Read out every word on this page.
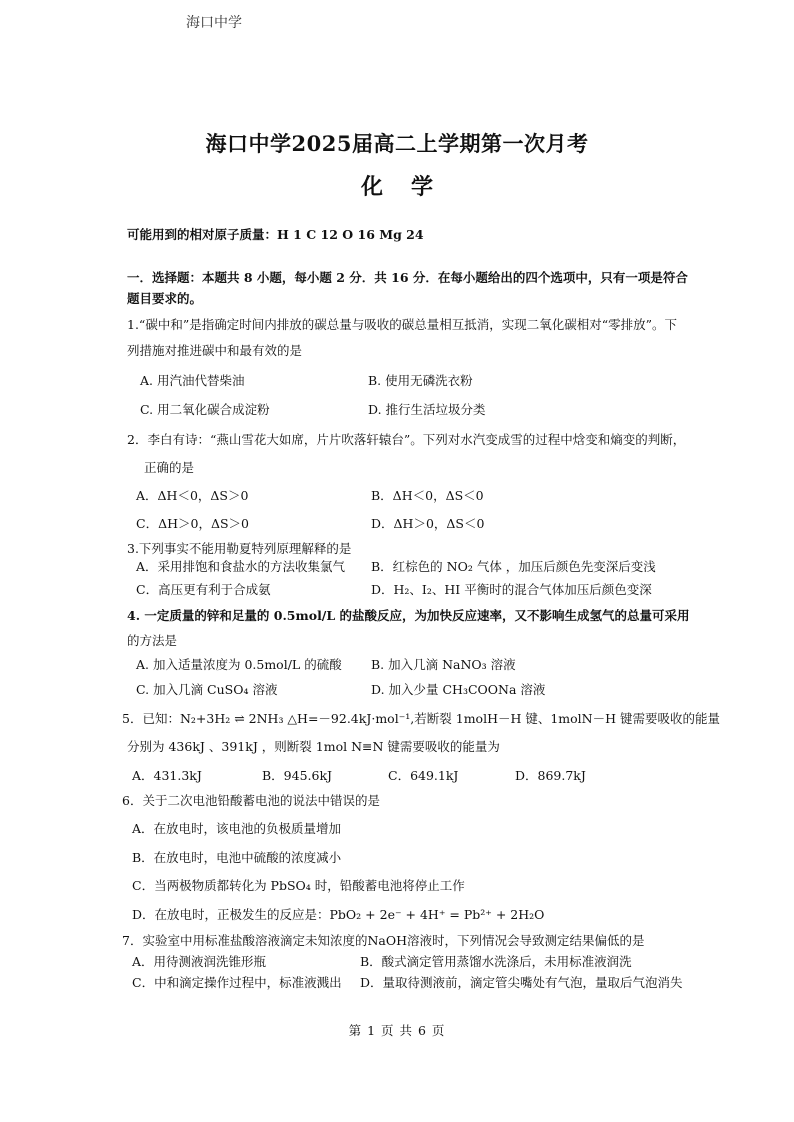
海口中学
海口中学2025届高二上学期第一次月考
化学
可能用到的相对原子质量：H 1 C 12 O 16 Mg 24
一．选择题：本题共 8 小题，每小题 2 分．共 16 分．在每小题给出的四个选项中，只有一项是符合
题目要求的。
1.“碳中和”是指确定时间内排放的碳总量与吸收的碳总量相互抵消，实现二氧化碳相对“零排放”。下
列措施对推进碳中和最有效的是
A. 用汽油代替柴油	B. 使用无磷洗衣粉
C. 用二氧化碳合成淀粉	D. 推行生活垃圾分类
2．李白有诗：“燕山雪花大如席，片片吹落轩辕台”。下列对水汽变成雪的过程中焓变和熵变的判断，
正确的是
A．ΔH＜0，ΔS＞0	B．ΔH＜0，ΔS＜0
C．ΔH＞0，ΔS＞0	D．ΔH＞0，ΔS＜0
3.下列事实不能用勒夏特列原理解释的是
A．采用排饱和食盐水的方法收集氯气 B．红棕色的 NO₂ 气体 ，加压后颜色先变深后变浅
C．高压更有利于合成氨	D．H₂、I₂、HI 平衡时的混合气体加压后颜色变深
4. 一定质量的锌和足量的 0.5mol/L 的盐酸反应，为加快反应速率，又不影响生成氢气的总量可采用
的方法是
A. 加入适量浓度为 0.5mol/L 的硫酸 B. 加入几滴 NaNO₃ 溶液
C. 加入几滴 CuSO₄ 溶液	D. 加入少量 CH₃COONa 溶液
5．已知：N₂+3H₂ ⇌ 2NH₃ △H=－92.4kJ·mol⁻¹,若断裂 1molH－H 键、1molN－H 键需要吸收的能量
分别为 436kJ 、391kJ ，则断裂 1mol N≡N 键需要吸收的能量为
A．431.3kJ	B．945.6kJ	C．649.1kJ	D．869.7kJ
6．关于二次电池铅酸蓄电池的说法中错误的是
A．在放电时，该电池的负极质量增加
B．在放电时，电池中硫酸的浓度减小
C．当两极物质都转化为 PbSO₄ 时，铅酸蓄电池将停止工作
D．在放电时，正极发生的反应是：PbO₂ + 2e⁻ + 4H⁺ = Pb²⁺ + 2H₂O
7．实验室中用标准盐酸溶液滴定未知浓度的NaOH溶液时，下列情况会导致测定结果偏低的是
A．用待测液润洗锥形瓶	B．酸式滴定管用蒸馏水洗涤后，未用标准液润洗
C．中和滴定操作过程中，标准液溅出 D．量取待测液前，滴定管尖嘴处有气泡，量取后气泡消失
第 1 页 共 6 页
